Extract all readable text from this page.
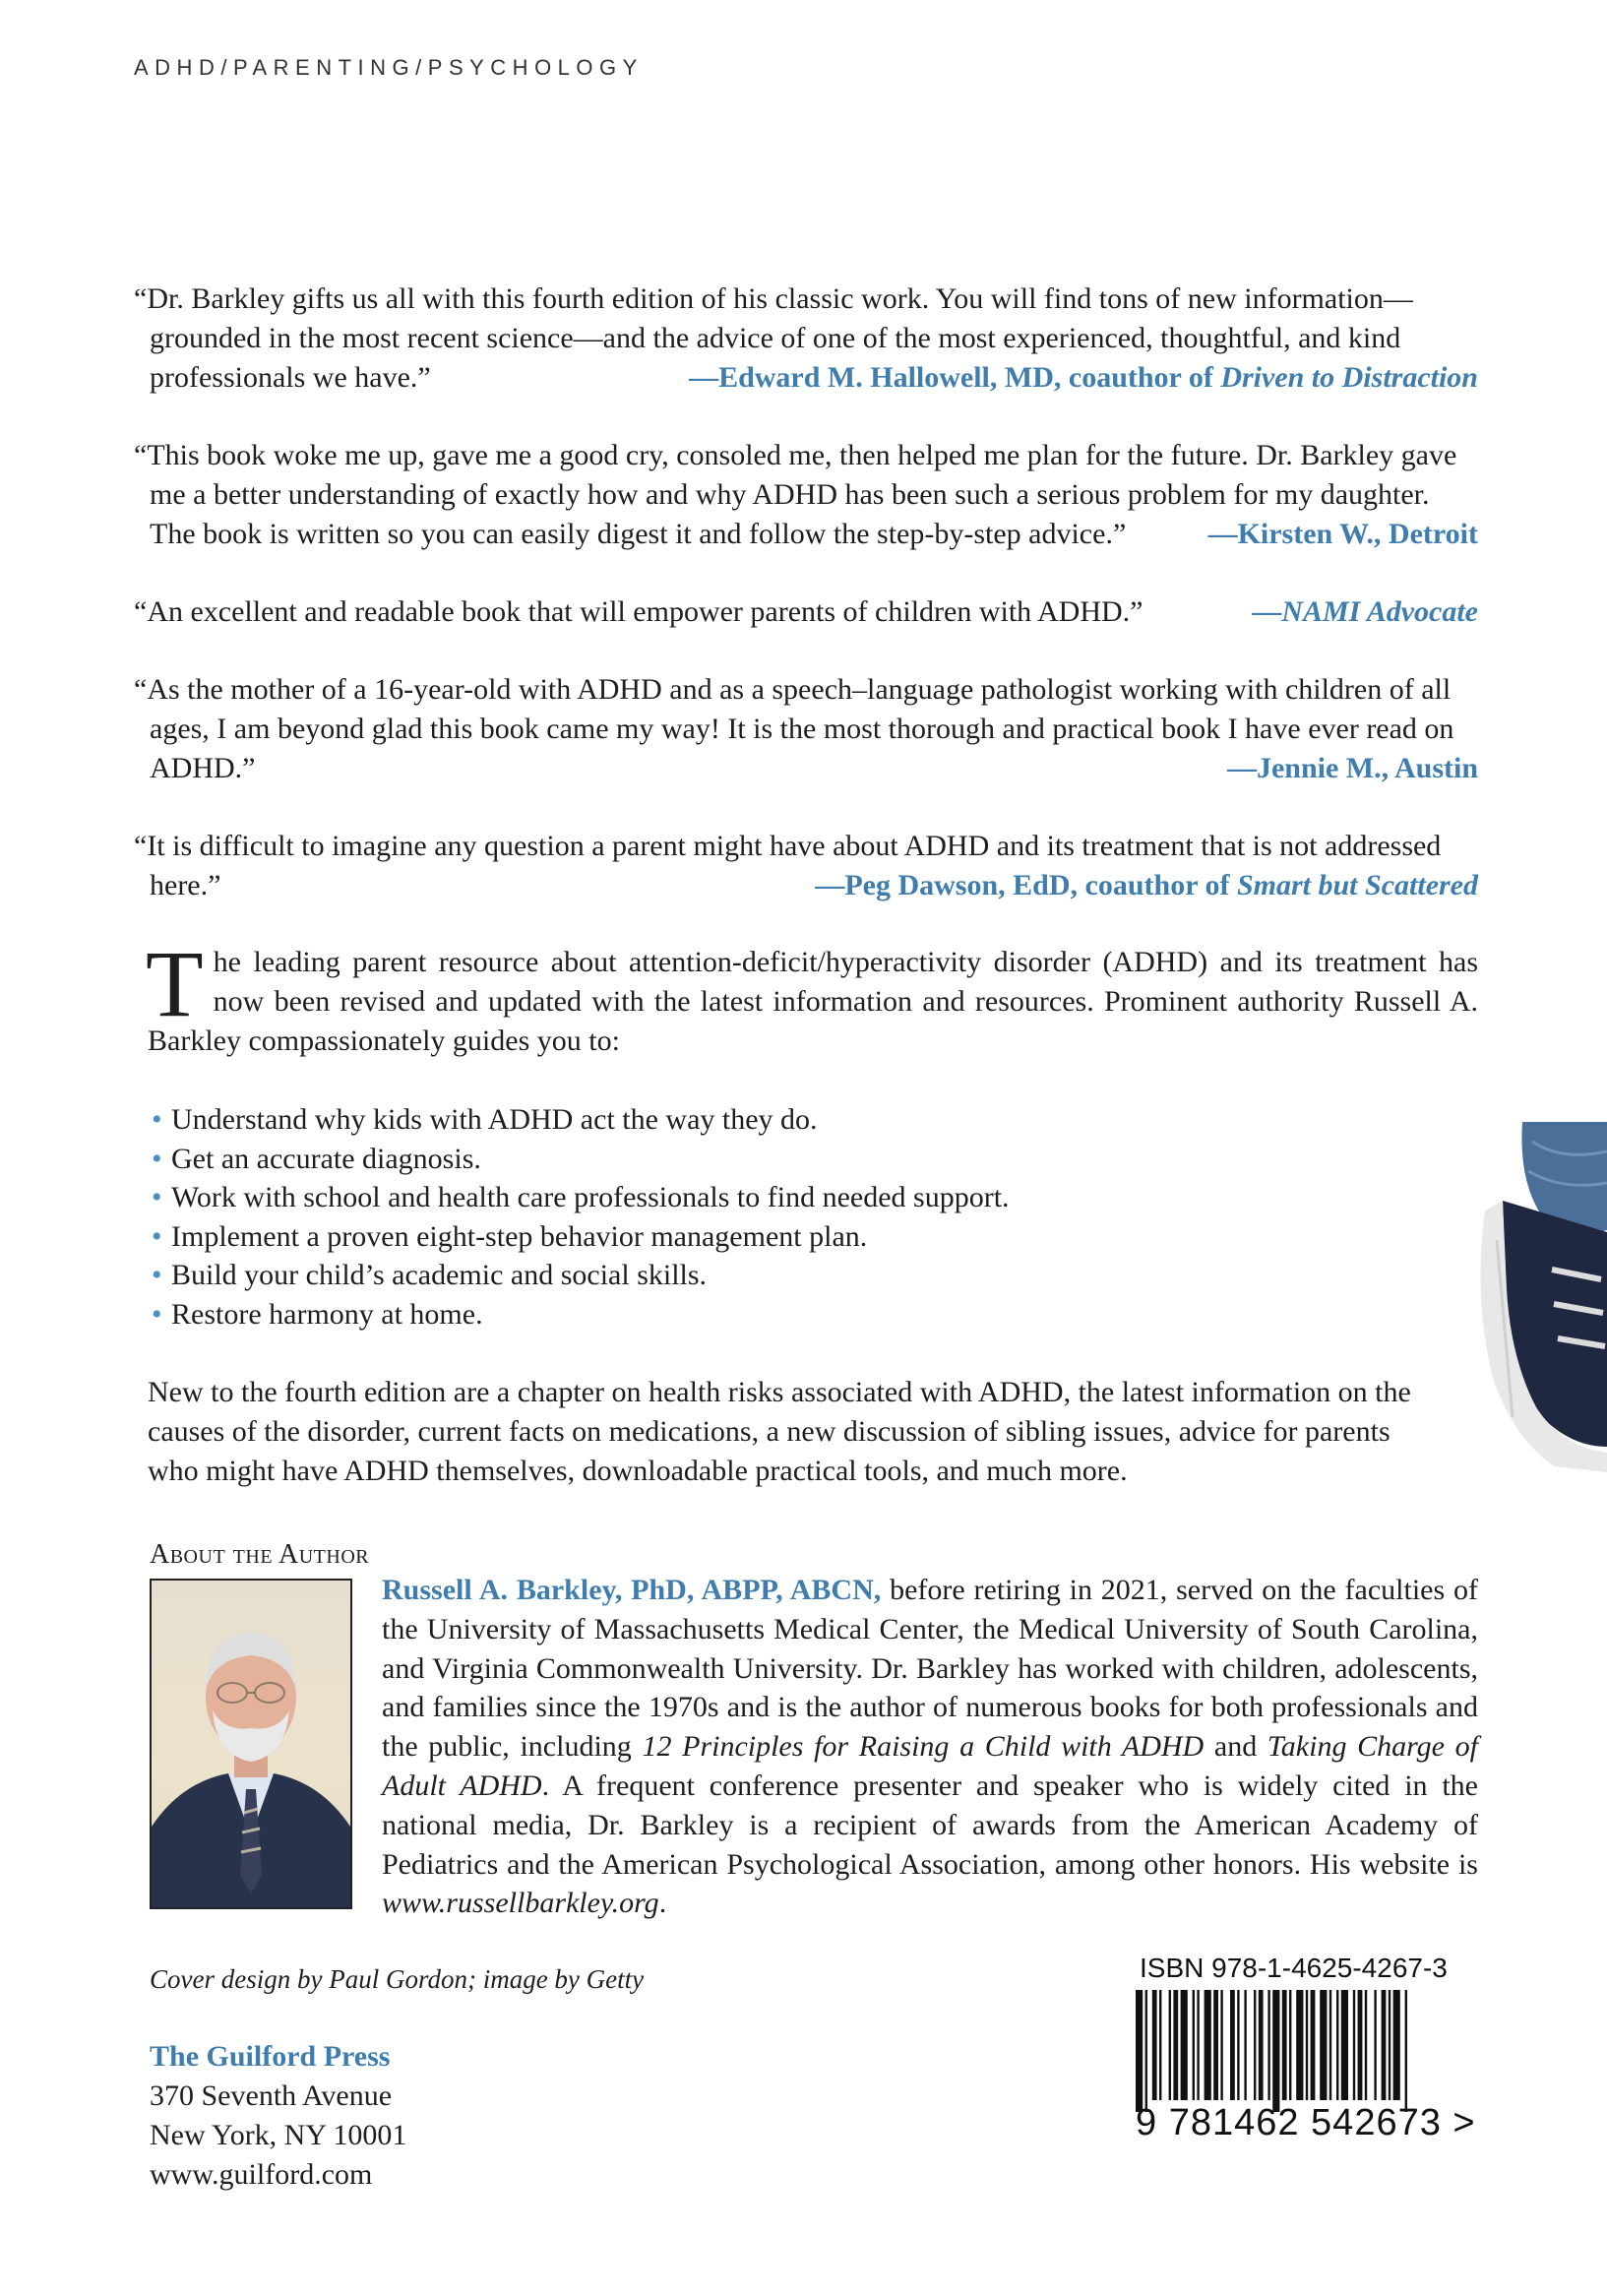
ADHD/PARENTING/PSYCHOLOGY
“Dr. Barkley gifts us all with this fourth edition of his classic work. You will find tons of new information—grounded in the most recent science—and the advice of one of the most experienced, thoughtful, and kind professionals we have.”	—Edward M. Hallowell, MD, coauthor of Driven to Distraction
“This book woke me up, gave me a good cry, consoled me, then helped me plan for the future. Dr. Barkley gave me a better understanding of exactly how and why ADHD has been such a serious problem for my daughter. The book is written so you can easily digest it and follow the step-by-step advice.”	—Kirsten W., Detroit
“An excellent and readable book that will empower parents of children with ADHD.”	—NAMI Advocate
“As the mother of a 16-year-old with ADHD and as a speech–language pathologist working with children of all ages, I am beyond glad this book came my way! It is the most thorough and practical book I have ever read on ADHD.”	—Jennie M., Austin
“It is difficult to imagine any question a parent might have about ADHD and its treatment that is not addressed here.”	—Peg Dawson, EdD, coauthor of Smart but Scattered
The leading parent resource about attention-deficit/hyperactivity disorder (ADHD) and its treatment has now been revised and updated with the latest information and resources. Prominent authority Russell A. Barkley compassionately guides you to:
• Understand why kids with ADHD act the way they do.
• Get an accurate diagnosis.
• Work with school and health care professionals to find needed support.
• Implement a proven eight-step behavior management plan.
• Build your child’s academic and social skills.
• Restore harmony at home.
New to the fourth edition are a chapter on health risks associated with ADHD, the latest information on the causes of the disorder, current facts on medications, a new discussion of sibling issues, advice for parents who might have ADHD themselves, downloadable practical tools, and much more.
About the Author
Russell A. Barkley, PhD, ABPP, ABCN, before retiring in 2021, served on the faculties of the University of Massachusetts Medical Center, the Medical University of South Carolina, and Virginia Commonwealth University. Dr. Barkley has worked with children, adolescents, and families since the 1970s and is the author of numerous books for both professionals and the public, including 12 Principles for Raising a Child with ADHD and Taking Charge of Adult ADHD. A frequent conference presenter and speaker who is widely cited in the national media, Dr. Barkley is a recipient of awards from the American Academy of Pediatrics and the American Psychological Association, among other honors. His website is www.russellbarkley.org.
Cover design by Paul Gordon; image by Getty
The Guilford Press
370 Seventh Avenue
New York, NY 10001
www.guilford.com
ISBN 978-1-4625-4267-3
9 781462 542673 >
